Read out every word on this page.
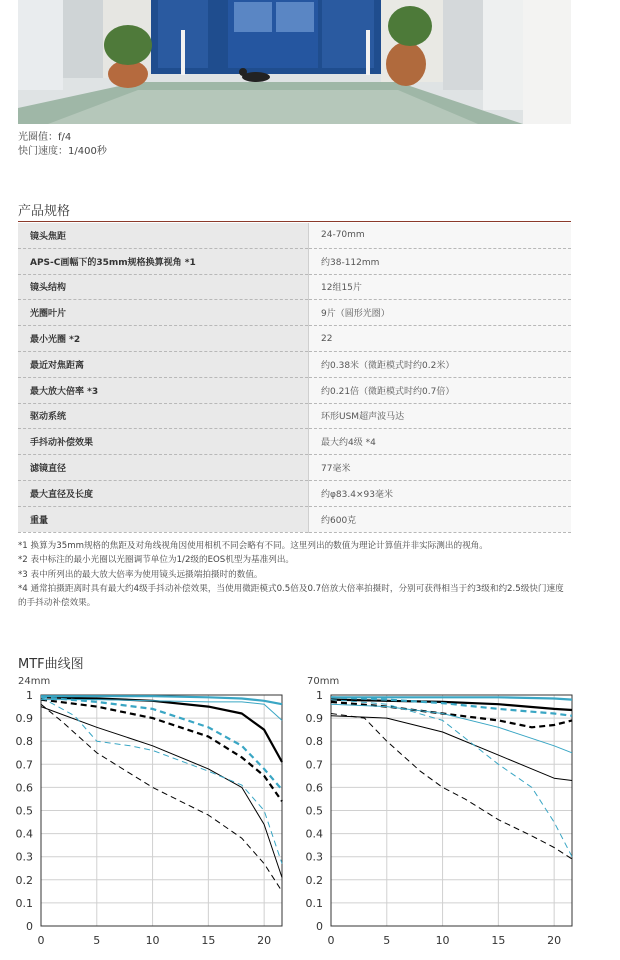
光圈值：f/4
快门速度：1/400秒
产品规格
镜头焦距	24-70mm
APS-C画幅下的35mm规格换算视角 *1	约38-112mm
镜头结构	12组15片
光圈叶片	9片（圆形光圈）
最小光圈 *2	22
最近对焦距离	约0.38米（微距模式时约0.2米）
最大放大倍率 *3	约0.21倍（微距模式时约0.7倍）
驱动系统	环形USM超声波马达
手抖动补偿效果	最大约4级 *4
滤镜直径	77毫米
最大直径及长度	约φ83.4×93毫米
重量	约600克
*1 换算为35mm规格的焦距及对角线视角因使用相机不同会略有不同。这里列出的数值为理论计算值并非实际测出的视角。
*2 表中标注的最小光圈以光圈调节单位为1/2级的EOS机型为基准列出。
*3 表中所列出的最大放大倍率为使用镜头远摄端拍摄时的数值。
*4 通常拍摄距离时具有最大约4级手抖动补偿效果，当使用微距模式0.5倍及0.7倍放大倍率拍摄时，分别可获得相当于约3级和约2.5级快门速度的手抖动补偿效果。
MTF曲线图
24mm	70mm
0
0.1
0.2
0.3
0.4
0.5
0.6
0.7
0.8
0.9
1
0	5	10	15	20
0
0.1
0.2
0.3
0.4
0.5
0.6
0.7
0.8
0.9
1
0	5	10	15	20
